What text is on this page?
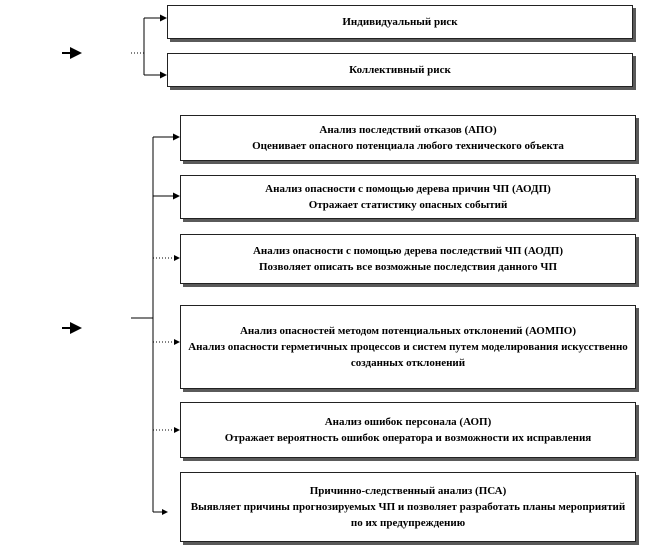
Индивидуальный риск
Коллективный риск
Анализ последствий отказов (АПО)
Оценивает опасного потенциала любого технического объекта
Анализ опасности с помощью дерева причин ЧП (АОДП)
Отражает статистику опасных событий
Анализ опасности с помощью дерева последствий ЧП (АОДП)
Позволяет описать все возможные последствия данного ЧП
Анализ опасностей методом потенциальных отклонений (АОМПО)
Анализ опасности герметичных процессов и систем путем моделирования искусственно созданных отклонений
Анализ ошибок персонала (АОП)
Отражает вероятность ошибок оператора и возможности их исправления
Причинно-следственный анализ (ПСА)
Выявляет причины прогнозируемых ЧП и позволяет разработать планы мероприятий по их предупреждению
